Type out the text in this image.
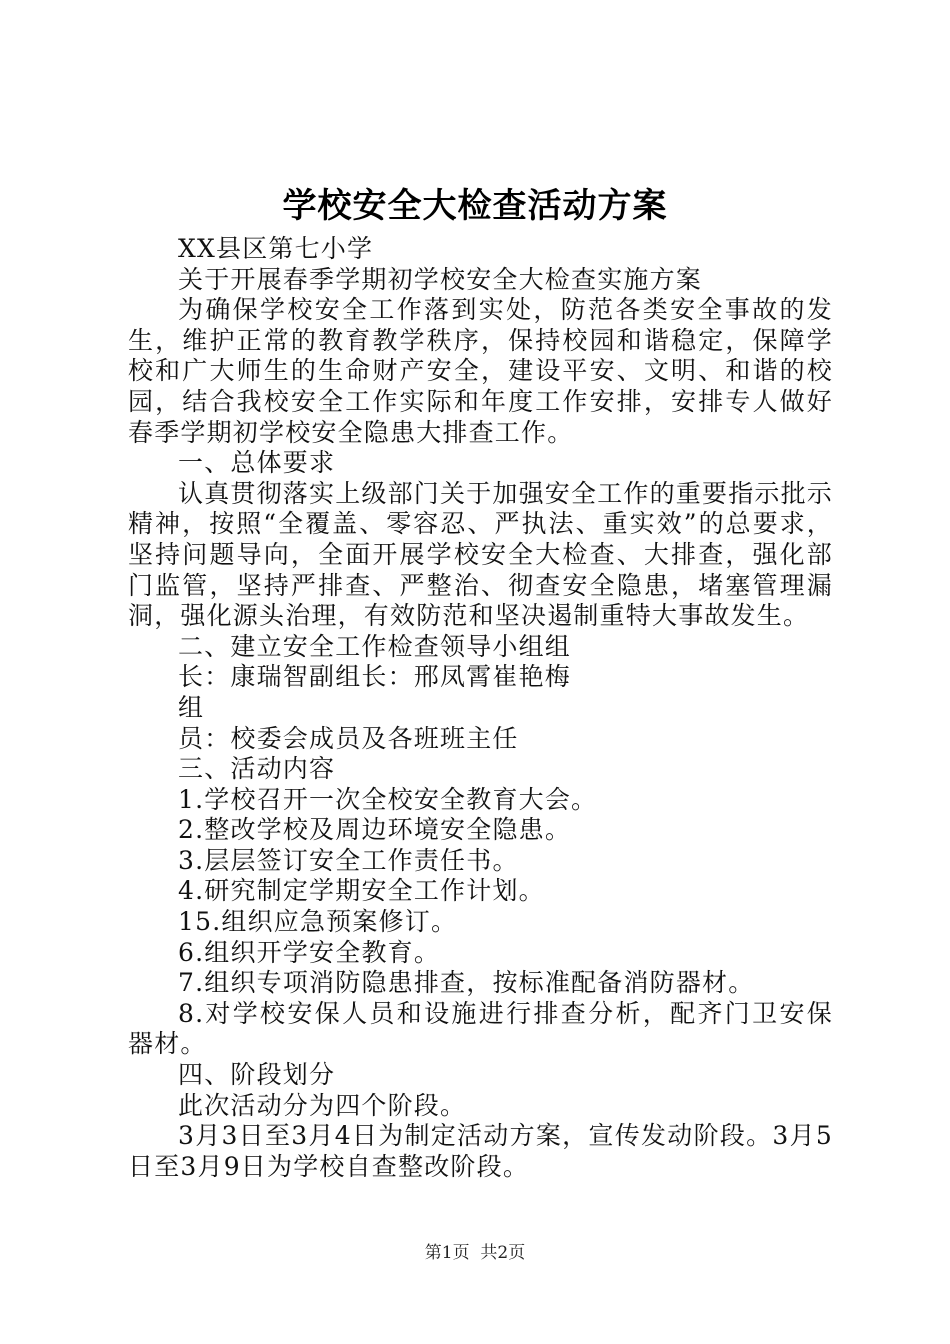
学校安全大检查活动方案

XX县区第七小学

关于开展春季学期初学校安全大检查实施方案

为确保学校安全工作落到实处，防范各类安全事故的发生，维护正常的教育教学秩序，保持校园和谐稳定，保障学校和广大师生的生命财产安全，建设平安、文明、和谐的校园，结合我校安全工作实际和年度工作安排，安排专人做好春季学期初学校安全隐患大排查工作。

一、总体要求

认真贯彻落实上级部门关于加强安全工作的重要指示批示精神，按照“全覆盖、零容忍、严执法、重实效”的总要求，坚持问题导向，全面开展学校安全大检查、大排查，强化部门监管，坚持严排查、严整治、彻查安全隐患，堵塞管理漏洞，强化源头治理，有效防范和坚决遏制重特大事故发生。

二、建立安全工作检查领导小组组

长：康瑞智副组长：邢凤霄崔艳梅

组

员：校委会成员及各班班主任

三、活动内容

1.学校召开一次全校安全教育大会。

2.整改学校及周边环境安全隐患。

3.层层签订安全工作责任书。

4.研究制定学期安全工作计划。

15.组织应急预案修订。

6.组织开学安全教育。

7.组织专项消防隐患排查，按标准配备消防器材。

8.对学校安保人员和设施进行排查分析，配齐门卫安保器材。

四、阶段划分

此次活动分为四个阶段。

3月3日至3月4日为制定活动方案，宣传发动阶段。3月5日至3月9日为学校自查整改阶段。

第1页 共2页
